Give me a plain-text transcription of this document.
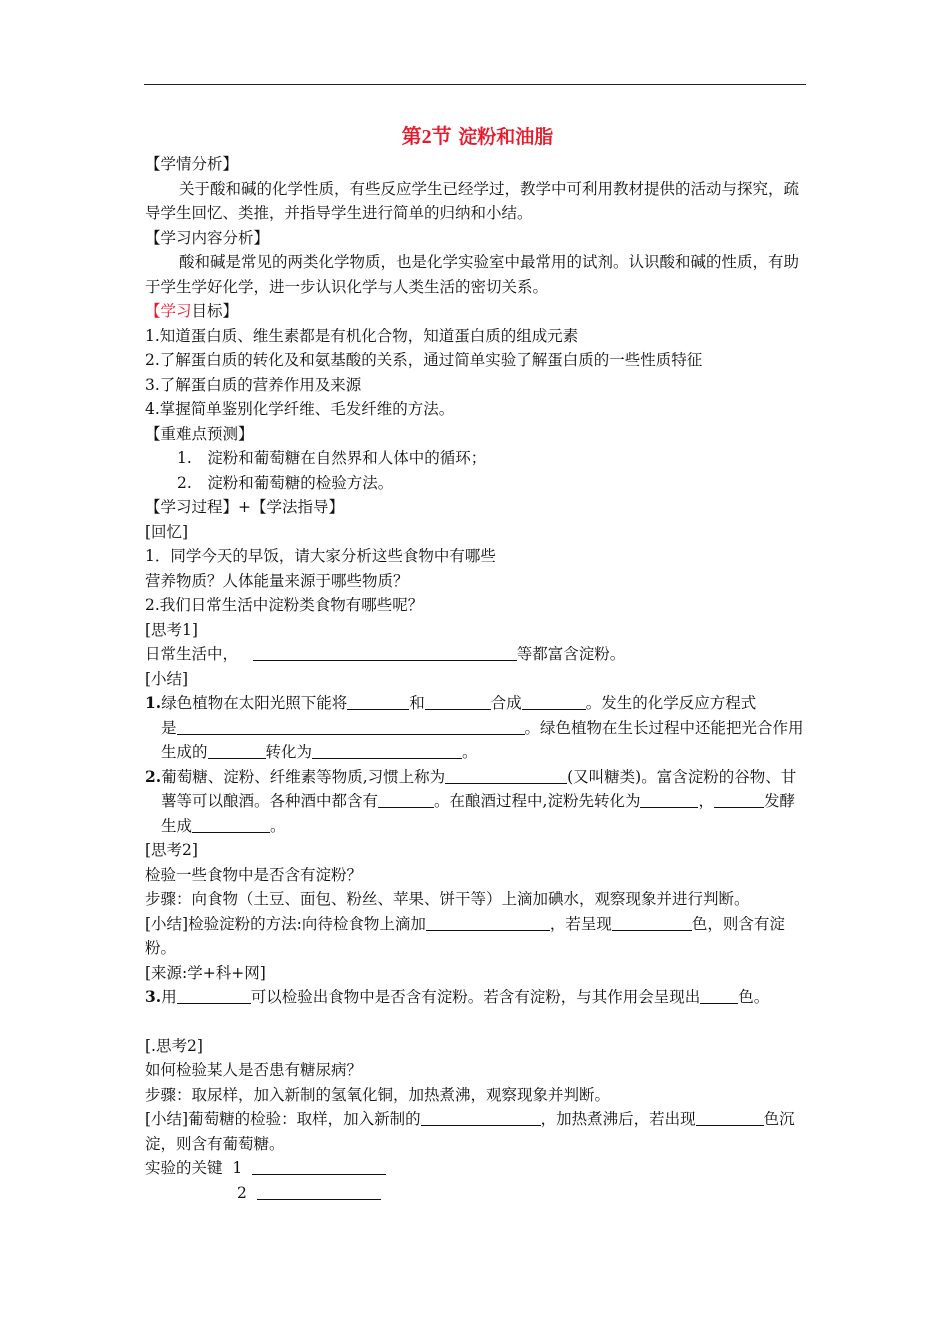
第2节 淀粉和油脂

【学情分析】

关于酸和碱的化学性质，有些反应学生已经学过，教学中可利用教材提供的活动与探究，疏导学生回忆、类推，并指导学生进行简单的归纳和小结。

【学习内容分析】

酸和碱是常见的两类化学物质，也是化学实验室中最常用的试剂。认识酸和碱的性质，有助于学生学好化学，进一步认识化学与人类生活的密切关系。

【学习目标】

1.知道蛋白质、维生素都是有机化合物，知道蛋白质的组成元素

2.了解蛋白质的转化及和氨基酸的关系，通过简单实验了解蛋白质的一些性质特征

3.了解蛋白质的营养作用及来源

4.掌握简单鉴别化学纤维、毛发纤维的方法。

【重难点预测】

1.　淀粉和葡萄糖在自然界和人体中的循环；

2.　淀粉和葡萄糖的检验方法。

【学习过程】+【学法指导】

[回忆]

1．同学今天的早饭，请大家分析这些食物中有哪些

营养物质？人体能量来源于哪些物质？

2.我们日常生活中淀粉类食物有哪些呢？

[思考1]

日常生活中，	等都富含淀粉。

[小结]

1.绿色植物在太阳光照下能将	和	合成	。发生的化学反应方程式
是	。绿色植物在生长过程中还能把光合作用生成的	转化为	。

2.葡萄糖、淀粉、纤维素等物质,习惯上称为	(又叫糖类)。富含淀粉的谷物、甘薯等可以酿酒。各种酒中都含有	。在酿酒过程中,淀粉先转化为	，	发酵生成	。

[思考2]

检验一些食物中是否含有淀粉？

步骤：向食物（土豆、面包、粉丝、苹果、饼干等）上滴加碘水，观察现象并进行判断。

[小结]检验淀粉的方法:向待检食物上滴加	，若呈现	色，则含有淀粉。

[来源:学+科+网]

3.用	可以检验出食物中是否含有淀粉。若含有淀粉，与其作用会呈现出 色。

[.思考2]

如何检验某人是否患有糖尿病？

步骤：取尿样，加入新制的氢氧化铜，加热煮沸，观察现象并判断。

[小结]葡萄糖的检验：取样，加入新制的	，加热煮沸后，若出现	色沉淀，则含有葡萄糖。

实验的关键 1

2
